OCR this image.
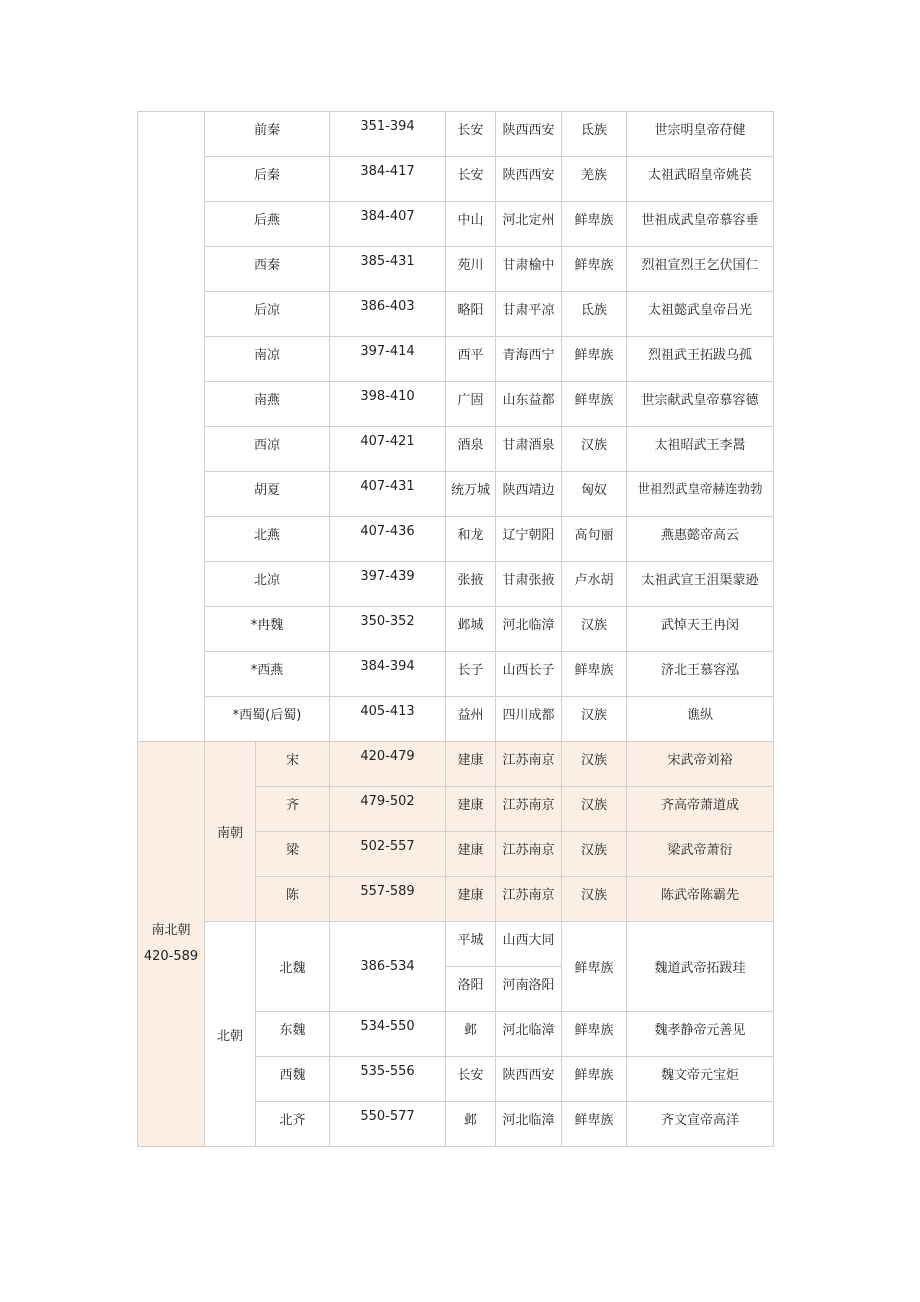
	前秦		351-394	长安	陕西西安	氐族	世宗明皇帝苻健
	后秦		384-417	长安	陕西西安	羌族	太祖武昭皇帝姚苌
	后燕		384-407	中山	河北定州	鲜卑族	世祖成武皇帝慕容垂
	西秦		385-431	苑川	甘肃榆中	鲜卑族	烈祖宣烈王乞伏国仁
	后凉		386-403	略阳	甘肃平凉	氐族	太祖懿武皇帝吕光
	南凉		397-414	西平	青海西宁	鲜卑族	烈祖武王拓跋乌孤
	南燕		398-410	广固	山东益都	鲜卑族	世宗献武皇帝慕容德
	西凉		407-421	酒泉	甘肃酒泉	汉族	太祖昭武王李暠
	胡夏		407-431	统万城	陕西靖边	匈奴	世祖烈武皇帝赫连勃勃
	北燕		407-436	和龙	辽宁朝阳	高句丽	燕惠懿帝高云
	北凉		397-439	张掖	甘肃张掖	卢水胡	太祖武宣王沮渠蒙逊
	*冉魏		350-352	邺城	河北临漳	汉族	武悼天王冉闵
	*西燕		384-394	长子	山西长子	鲜卑族	济北王慕容泓
	*西蜀(后蜀)		405-413	益州	四川成都	汉族	谯纵

南北朝
420-589	南朝	宋	420-479	建康	江苏南京	汉族	宋武帝刘裕
		齐	479-502	建康	江苏南京	汉族	齐高帝萧道成
		梁	502-557	建康	江苏南京	汉族	梁武帝萧衍
		陈	557-589	建康	江苏南京	汉族	陈武帝陈霸先
	北朝	北魏	386-534	平城	山西大同	鲜卑族	魏道武帝拓跋珪
				洛阳	河南洛阳		
		东魏	534-550	邺	河北临漳	鲜卑族	魏孝静帝元善见
		西魏	535-556	长安	陕西西安	鲜卑族	魏文帝元宝炬
		北齐	550-577	邺	河北临漳	鲜卑族	齐文宣帝高洋
